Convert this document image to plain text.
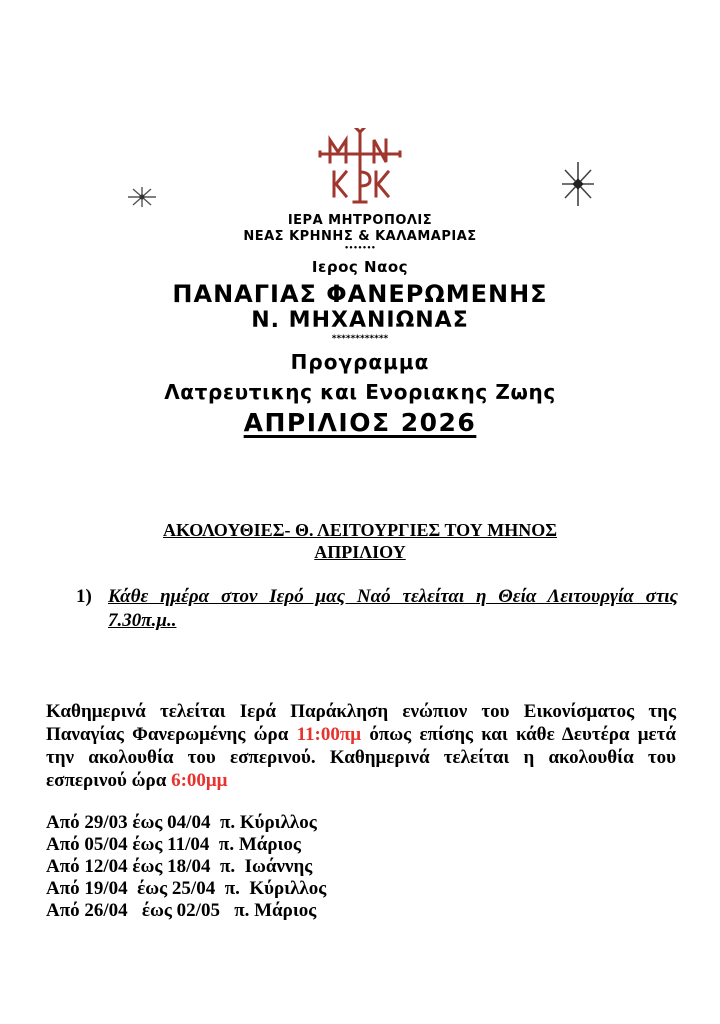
ΙΕΡΑ ΜΗΤΡΟΠΟΛΙΣ
ΝΕΑΣ ΚΡΗΝΗΣ & ΚΑΛΑΜΑΡΙΑΣ
•••••••
Ιερος Ναος
ΠΑΝΑΓΙΑΣ ΦΑΝΕΡΩΜΕΝΗΣ
Ν. ΜΗΧΑΝΙΩΝΑΣ
************
Προγραμμα
Λατρευτικης και Ενοριακης Ζωης
ΑΠΡΙΛΙΟΣ 2026
ΑΚΟΛΟΥΘΙΕΣ- Θ. ΛΕΙΤΟΥΡΓΙΕΣ ΤΟΥ ΜΗΝΟΣ
ΑΠΡΙΛΙΟΥ
1) Κάθε ημέρα στον Ιερό μας Ναό τελείται η Θεία Λειτουργία στις 7.30π.μ..

Καθημερινά τελείται Ιερά Παράκληση ενώπιον του Εικονίσματος της Παναγίας Φανερωμένης ώρα 11:00πμ όπως επίσης και κάθε Δευτέρα μετά την ακολουθία του εσπερινού. Καθημερινά τελείται η ακολουθία του εσπερινού ώρα 6:00μμ

Από 29/03 έως 04/04  π. Κύριλλος
Από 05/04 έως 11/04  π. Μάριος
Από 12/04 έως 18/04  π.  Ιωάννης
Από 19/04  έως 25/04  π.  Κύριλλος
Από 26/04   έως 02/05   π. Μάριος
